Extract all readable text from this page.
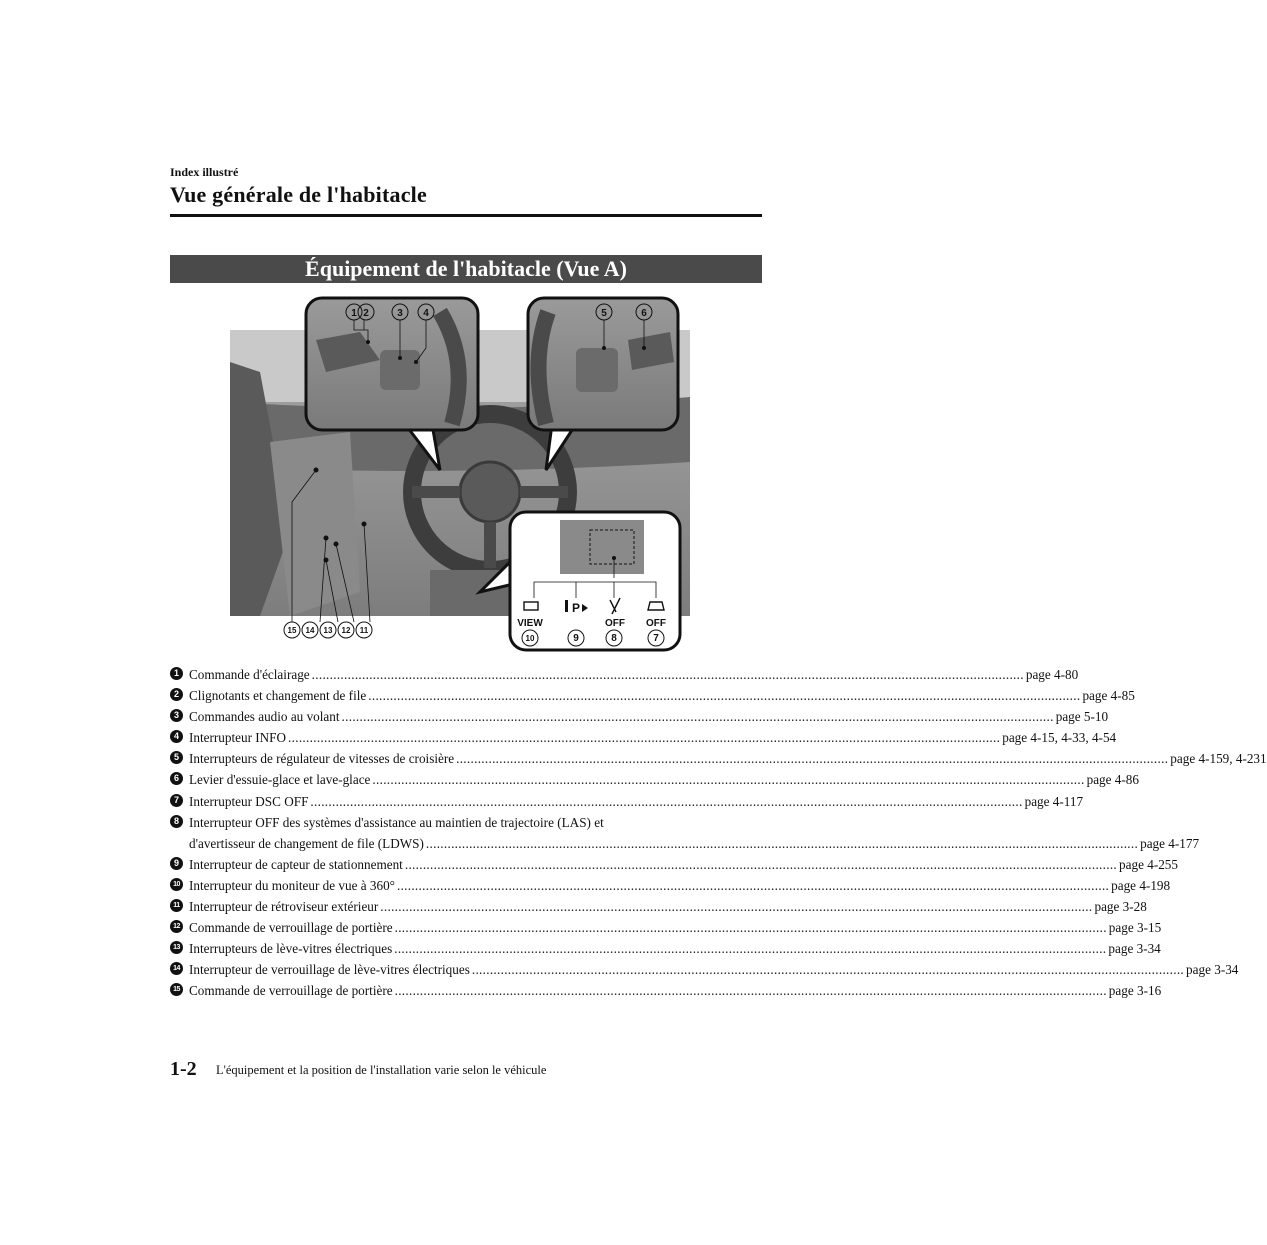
Index illustré
Vue générale de l'habitacle
Équipement de l'habitacle (Vue A)
VIEW
P
OFF OFF
1 2	3 4	5	6
15 14 13 12 11
10	9	8	7
1 Commande d'éclairage .....	page 4-80
2 Clignotants et changement de file .....	page 4-85
3 Commandes audio au volant .....	page 5-10
4 Interrupteur INFO .....	page 4-15, 4-33, 4-54
5 Interrupteurs de régulateur de vitesses de croisière .....	page 4-159, 4-231
6 Levier d'essuie-glace et lave-glace .....	page 4-86
7 Interrupteur DSC OFF .....	page 4-117
8 Interrupteur OFF des systèmes d'assistance au maintien de trajectoire (LAS) et
d'avertisseur de changement de file (LDWS) .....	page 4-177
9 Interrupteur de capteur de stationnement .....	page 4-255
10 Interrupteur du moniteur de vue à 360° .....	page 4-198
11 Interrupteur de rétroviseur extérieur .....	page 3-28
12 Commande de verrouillage de portière .....	page 3-15
13 Interrupteurs de lève-vitres électriques .....	page 3-34
14 Interrupteur de verrouillage de lève-vitres électriques .....	page 3-34
15 Commande de verrouillage de portière .....	page 3-16
1-2 L'équipement et la position de l'installation varie selon le véhicule
